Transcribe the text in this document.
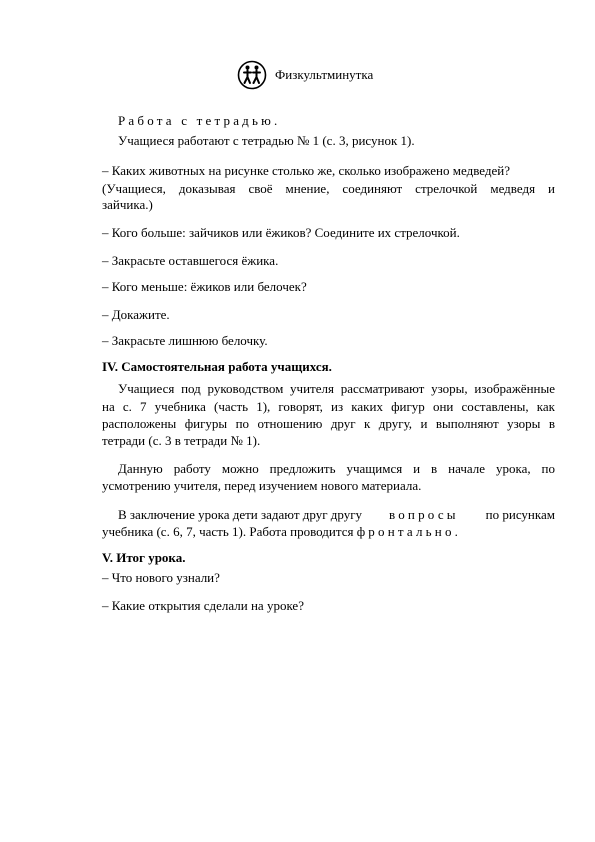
Физкультминутка
Работа с тетрадью.
Учащиеся работают с тетрадью № 1 (с. 3, рисунок 1).
– Каких животных на рисунке столько же, сколько изображено медведей?
(Учащиеся, доказывая своё мнение, соединяют стрелочкой медведя и
зайчика.)
– Кого больше: зайчиков или ёжиков? Соедините их стрелочкой.
– Закрасьте оставшегося ёжика.
– Кого меньше: ёжиков или белочек?
– Докажите.
– Закрасьте лишнюю белочку.
IV. Самостоятельная работа учащихся.
Учащиеся под руководством учителя рассматривают узоры, изображённые
на с. 7 учебника (часть 1), говорят, из каких фигур они составлены, как
расположены фигуры по отношению друг к другу, и выполняют узоры в
тетради (с. 3 в тетради № 1).
Данную работу можно предложить учащимся и в начале урока, по
усмотрению учителя, перед изучением нового материала.
В заключение урока дети задают друг другу вопросы по рисункам
учебника (с. 6, 7, часть 1). Работа проводится фронтально.
V. Итог урока.
– Что нового узнали?
– Какие открытия сделали на уроке?
